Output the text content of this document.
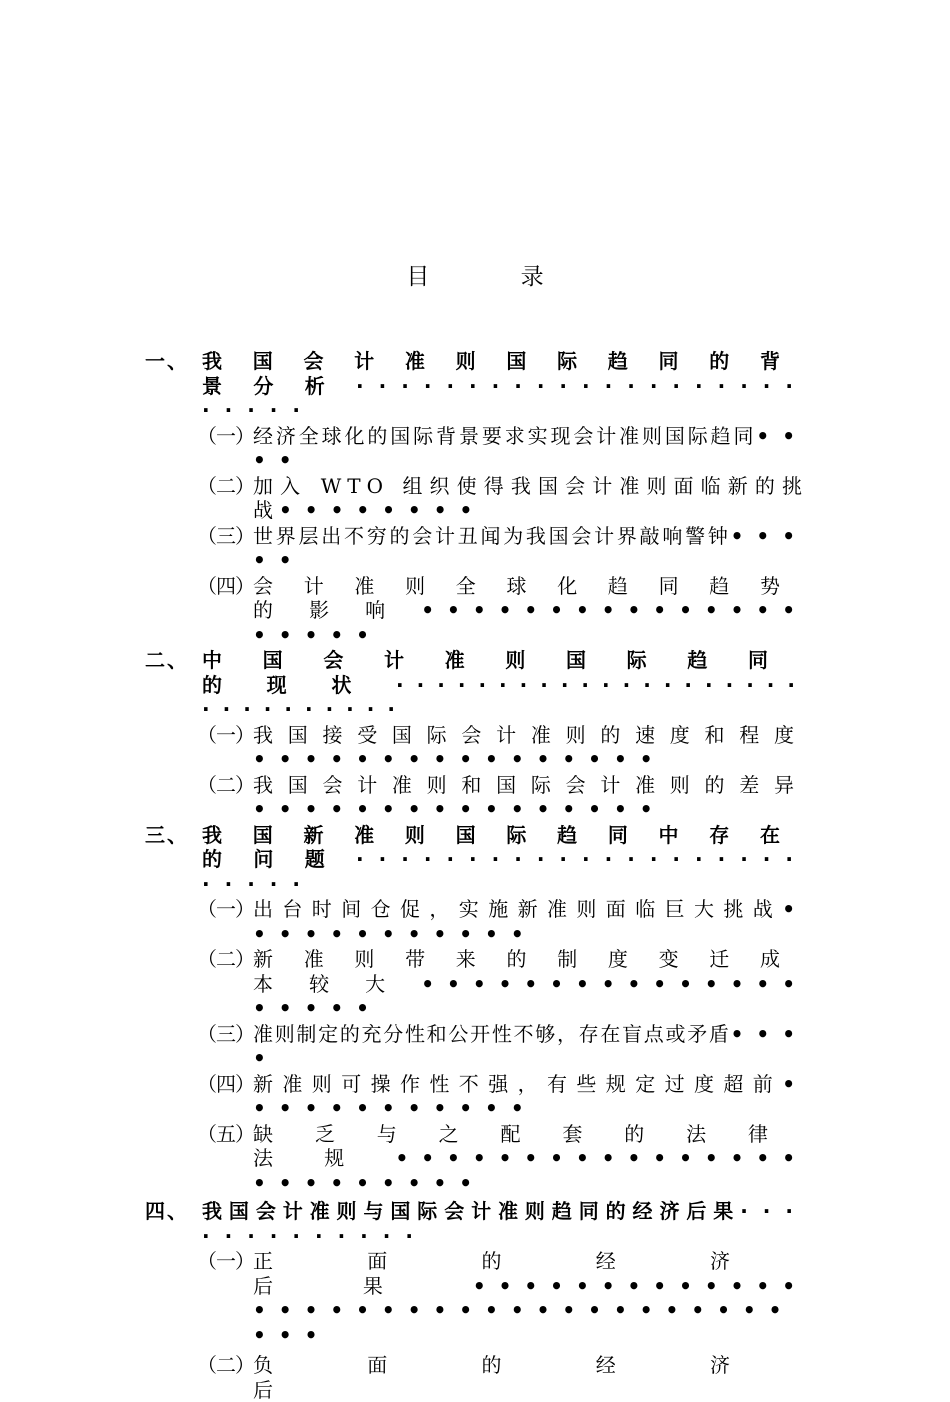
目 录
一、 我国会计准则国际趋同的背景分析·························
（一） 经济全球化的国际背景要求实现会计准则国际趋同••••
（二） 加入 WTO 组织使得我国会计准则面临新的挑战••••••••
（三） 世界层出不穷的会计丑闻为我国会计界敲响警钟•••••
（四） 会计准则全球化趋同趋势的影响••••••••••••••••••••
二、 中国会计准则国际趋同的现状······························
（一） 我国接受国际会计准则的速度和程度••••••••••••••••
（二） 我国会计准则和国际会计准则的差异••••••••••••••••
三、 我国新准则国际趋同中存在的问题·························
（一） 出台时间仓促，实施新准则面临巨大挑战••••••••••••
（二） 新准则带来的制度变迁成本较大••••••••••••••••••••
（三） 准则制定的充分性和公开性不够，存在盲点或矛盾••••
（四） 新准则可操作性不强，有些规定过度超前••••••••••••
（五） 缺乏与之配套的法律法规•••••••••••••••••••••••••
四、 我国会计准则与国际会计准则趋同的经济后果·············
（一） 正面的经济后果•••••••••••••••••••••••••••••••••••••
（二） 负面的经济后
